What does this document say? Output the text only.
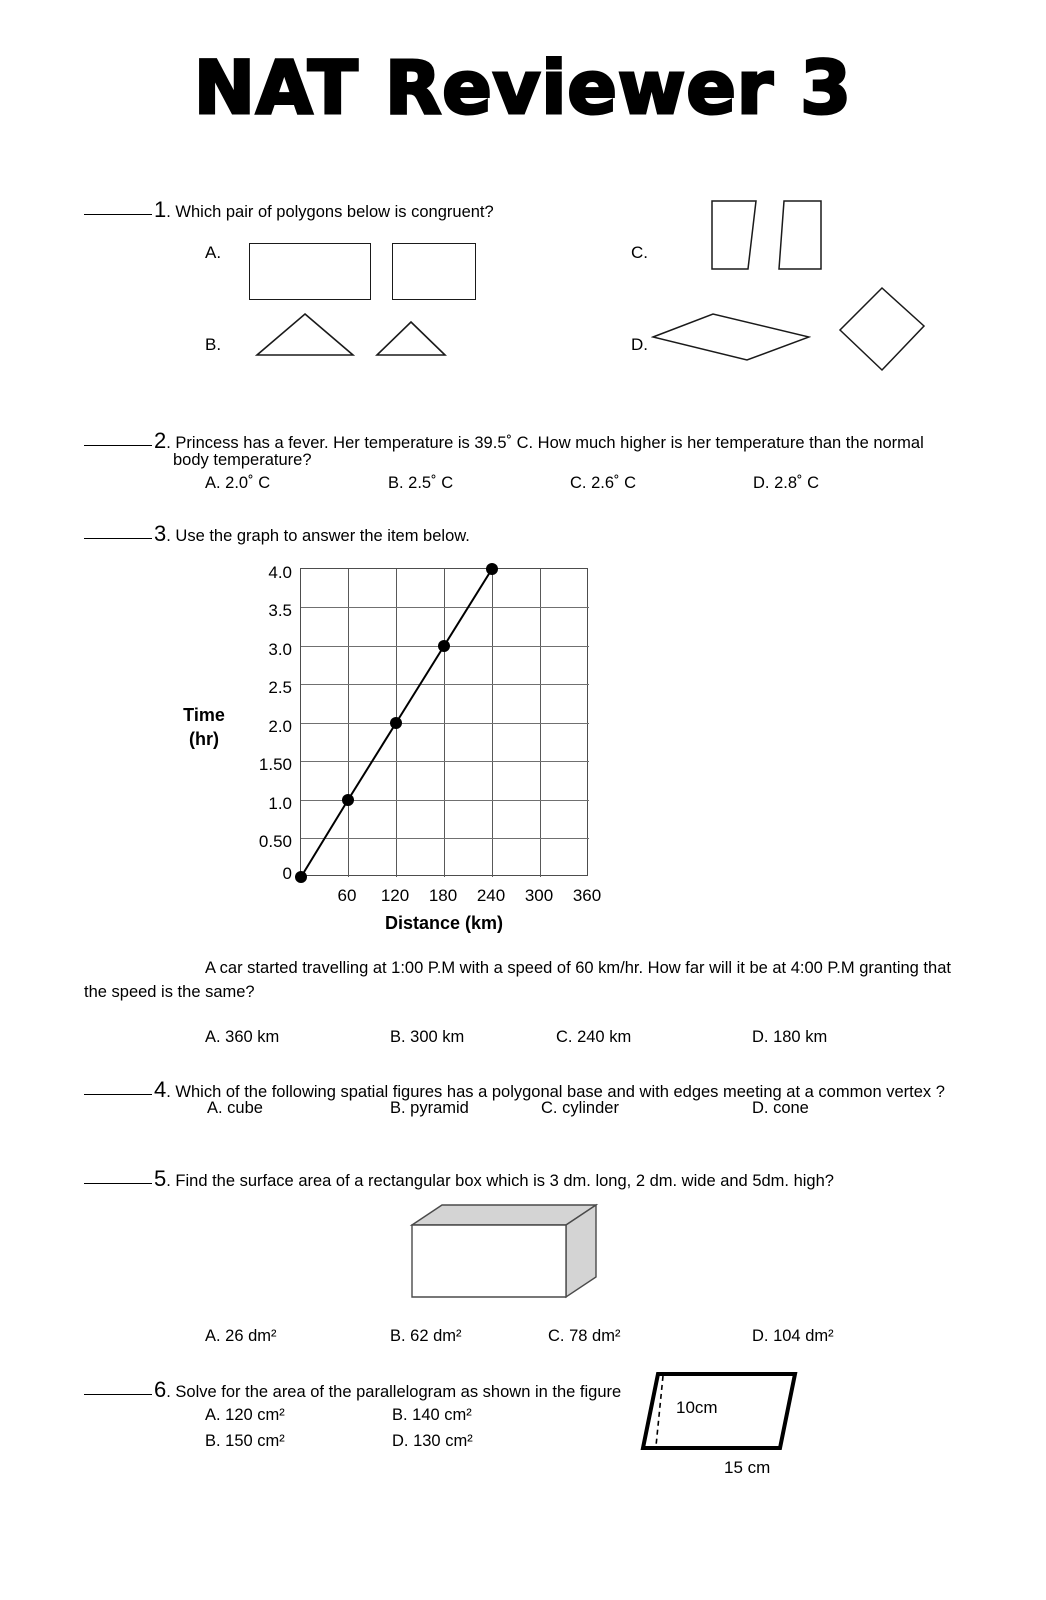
NAT Reviewer 3
1. Which pair of polygons below is congruent?
A.
B.
C.
D.
2. Princess has a fever. Her temperature is 39.5˚ C. How much higher is her temperature than the normal
body temperature?
A. 2.0˚ C	B. 2.5˚ C	C. 2.6˚ C	D. 2.8˚ C
3. Use the graph to answer the item below.
Time
(hr)
4.0
3.5
3.0
2.5
2.0
1.50
1.0
0.50
0
60	120	180	240	300	360
Distance (km)
A car started travelling at 1:00 P.M with a speed of 60 km/hr. How far will it be at 4:00 P.M granting that
the speed is the same?
A. 360 km	B. 300 km	C. 240 km	D. 180 km
4. Which of the following spatial figures has a polygonal base and with edges meeting at a common vertex ?
A. cube	B. pyramid	C. cylinder	D. cone
5. Find the surface area of a rectangular box which is 3 dm. long, 2 dm. wide and 5dm. high?
A. 26 dm²	B. 62 dm²	C. 78 dm²	D. 104 dm²
6. Solve for the area of the parallelogram as shown in the figure
A. 120 cm²	B. 140 cm²
B. 150 cm²	D. 130 cm²
10cm
15 cm
